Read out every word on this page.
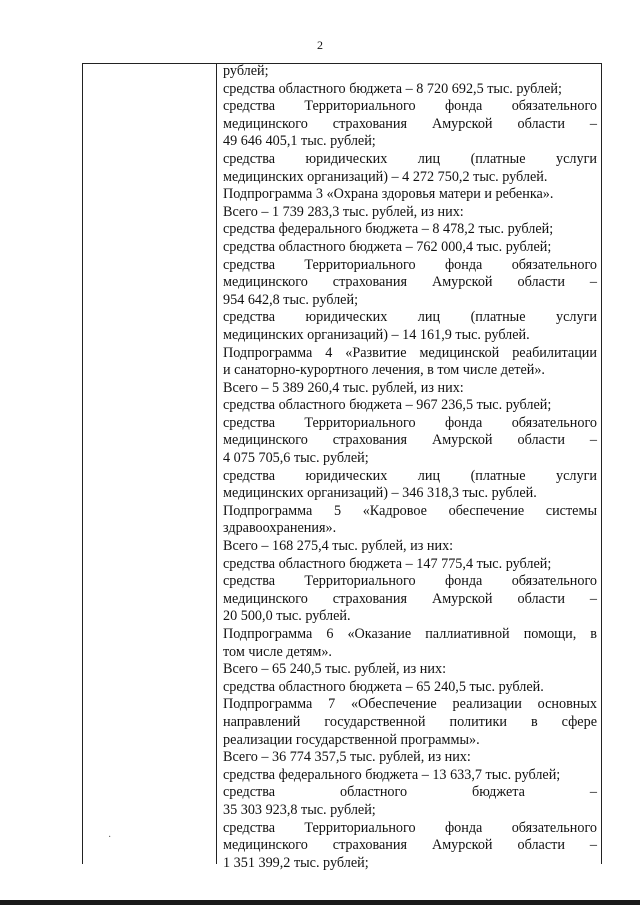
2
рублей;
средства областного бюджета – 8 720 692,5 тыс. рублей;
средства Территориального фонда обязательного
медицинского страхования Амурской области –
49 646 405,1 тыс. рублей;
средства юридических лиц (платные услуги
медицинских организаций) – 4 272 750,2 тыс. рублей.
Подпрограмма 3 «Охрана здоровья матери и ребенка».
Всего – 1 739 283,3 тыс. рублей, из них:
средства федерального бюджета – 8 478,2 тыс. рублей;
средства областного бюджета – 762 000,4 тыс. рублей;
средства Территориального фонда обязательного
медицинского страхования Амурской области –
954 642,8 тыс. рублей;
средства юридических лиц (платные услуги
медицинских организаций) – 14 161,9 тыс. рублей.
Подпрограмма 4 «Развитие медицинской реабилитации
и санаторно-курортного лечения, в том числе детей».
Всего – 5 389 260,4 тыс. рублей, из них:
средства областного бюджета – 967 236,5 тыс. рублей;
средства Территориального фонда обязательного
медицинского страхования Амурской области –
4 075 705,6 тыс. рублей;
средства юридических лиц (платные услуги
медицинских организаций) – 346 318,3 тыс. рублей.
Подпрограмма 5 «Кадровое обеспечение системы
здравоохранения».
Всего – 168 275,4 тыс. рублей, из них:
средства областного бюджета – 147 775,4 тыс. рублей;
средства Территориального фонда обязательного
медицинского страхования Амурской области –
20 500,0 тыс. рублей.
Подпрограмма 6 «Оказание паллиативной помощи, в
том числе детям».
Всего – 65 240,5 тыс. рублей, из них:
средства областного бюджета – 65 240,5 тыс. рублей.
Подпрограмма 7 «Обеспечение реализации основных
направлений государственной политики в сфере
реализации государственной программы».
Всего – 36 774 357,5 тыс. рублей, из них:
средства федерального бюджета – 13 633,7 тыс. рублей;
средства	областного	бюджета	–
35 303 923,8 тыс. рублей;
средства Территориального фонда обязательного
медицинского страхования Амурской области –
1 351 399,2 тыс. рублей;
·
